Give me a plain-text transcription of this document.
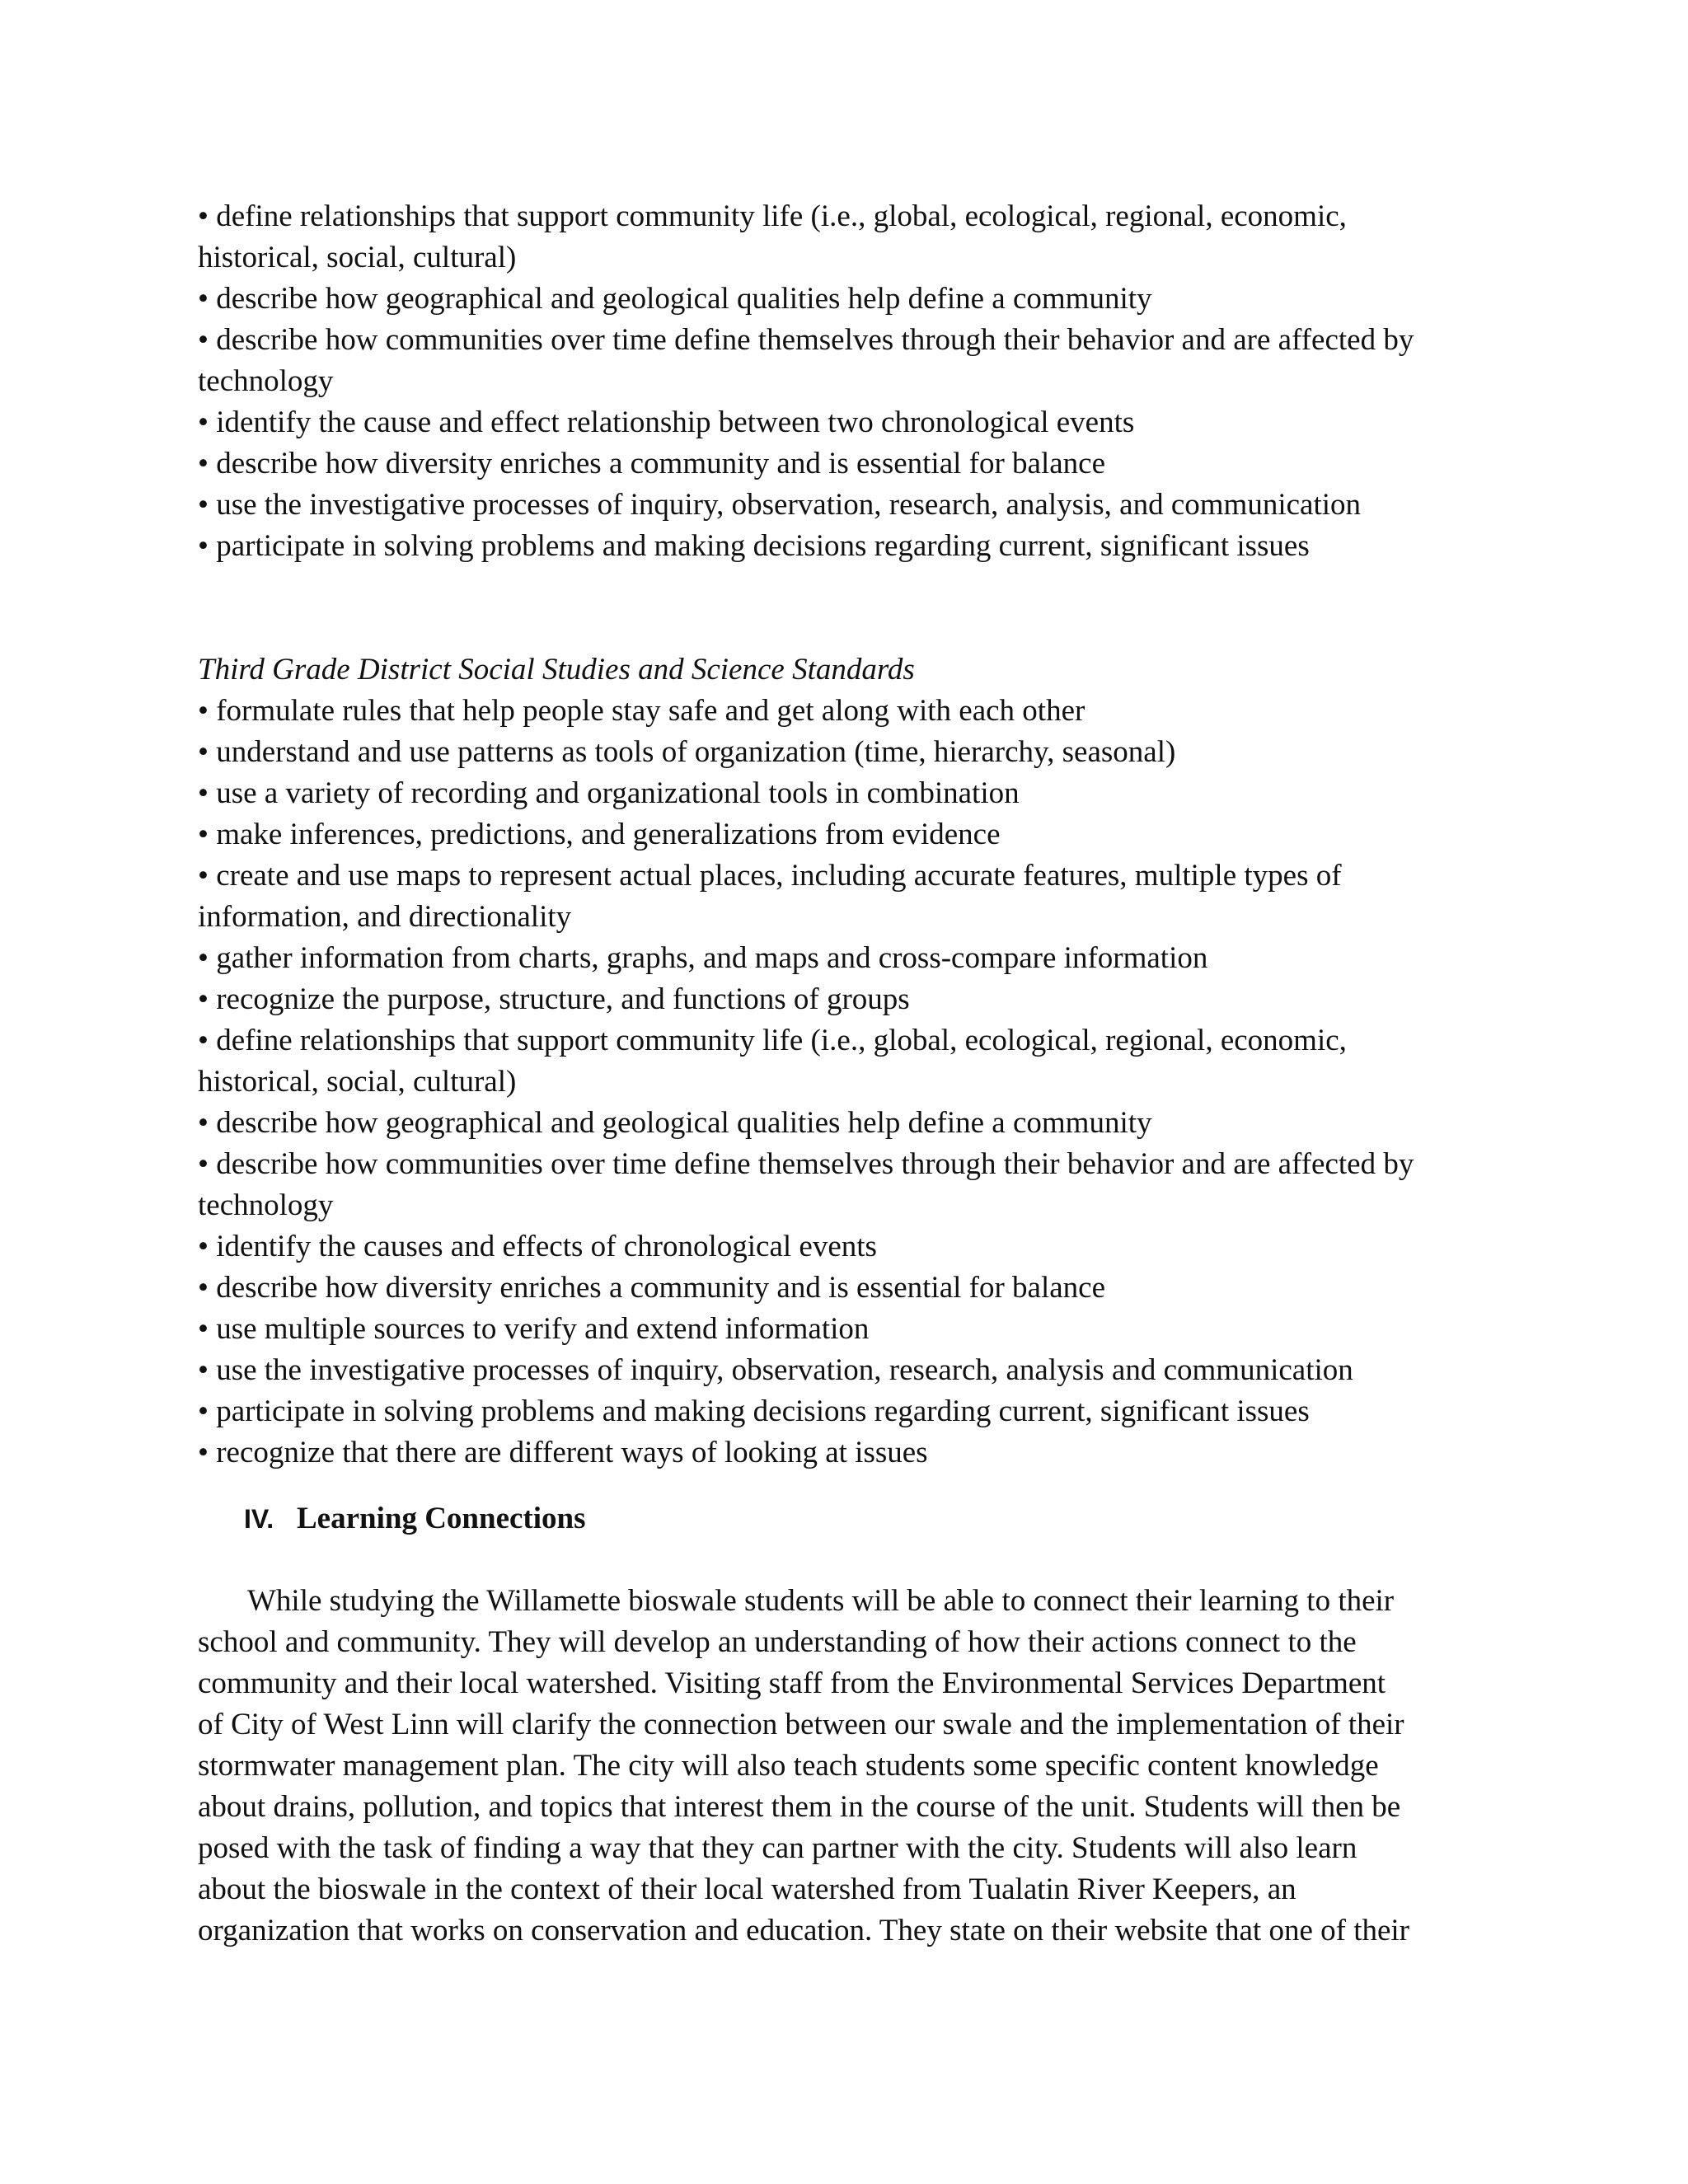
• define relationships that support community life (i.e., global, ecological, regional, economic,

historical, social, cultural)

• describe how geographical and geological qualities help define a community

• describe how communities over time define themselves through their behavior and are affected by

technology

• identify the cause and effect relationship between two chronological events

• describe how diversity enriches a community and is essential for balance

• use the investigative processes of inquiry, observation, research, analysis, and communication

• participate in solving problems and making decisions regarding current, significant issues

Third Grade District Social Studies and Science Standards

• formulate rules that help people stay safe and get along with each other

• understand and use patterns as tools of organization (time, hierarchy, seasonal)

• use a variety of recording and organizational tools in combination

• make inferences, predictions, and generalizations from evidence

• create and use maps to represent actual places, including accurate features, multiple types of

information, and directionality

• gather information from charts, graphs, and maps and cross-compare information

• recognize the purpose, structure, and functions of groups

• define relationships that support community life (i.e., global, ecological, regional, economic,

historical, social, cultural)

• describe how geographical and geological qualities help define a community

• describe how communities over time define themselves through their behavior and are affected by

technology

• identify the causes and effects of chronological events

• describe how diversity enriches a community and is essential for balance

• use multiple sources to verify and extend information

• use the investigative processes of inquiry, observation, research, analysis and communication

• participate in solving problems and making decisions regarding current, significant issues

• recognize that there are different ways of looking at issues

IV. Learning Connections

While studying the Willamette bioswale students will be able to connect their learning to their

school and community. They will develop an understanding of how their actions connect to the

community and their local watershed. Visiting staff from the Environmental Services Department

of City of West Linn will clarify the connection between our swale and the implementation of their

stormwater management plan. The city will also teach students some specific content knowledge

about drains, pollution, and topics that interest them in the course of the unit. Students will then be

posed with the task of finding a way that they can partner with the city. Students will also learn

about the bioswale in the context of their local watershed from Tualatin River Keepers, an

organization that works on conservation and education. They state on their website that one of their
